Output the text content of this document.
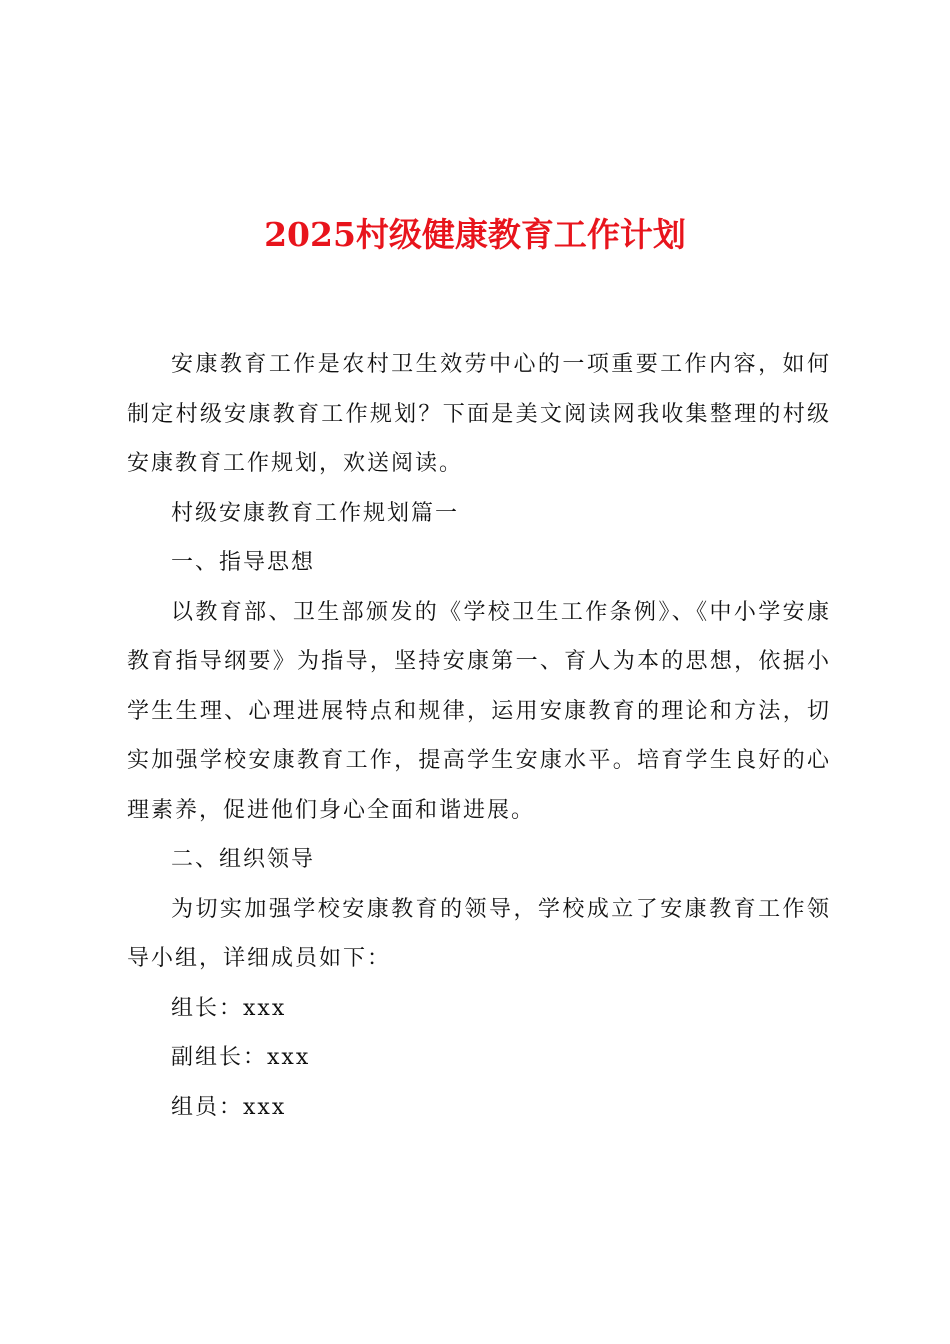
2025村级健康教育工作计划

安康教育工作是农村卫生效劳中心的一项重要工作内容，如何制定村级安康教育工作规划？下面是美文阅读网我收集整理的村级安康教育工作规划，欢送阅读。

村级安康教育工作规划篇一

一、指导思想

以教育部、卫生部颁发的《学校卫生工作条例》、《中小学安康教育指导纲要》为指导，坚持安康第一、育人为本的思想，依据小学生生理、心理进展特点和规律，运用安康教育的理论和方法，切实加强学校安康教育工作，提高学生安康水平。培育学生良好的心理素养，促进他们身心全面和谐进展。

二、组织领导

为切实加强学校安康教育的领导，学校成立了安康教育工作领导小组，详细成员如下：

组长：xxx

副组长：xxx

组员：xxx
